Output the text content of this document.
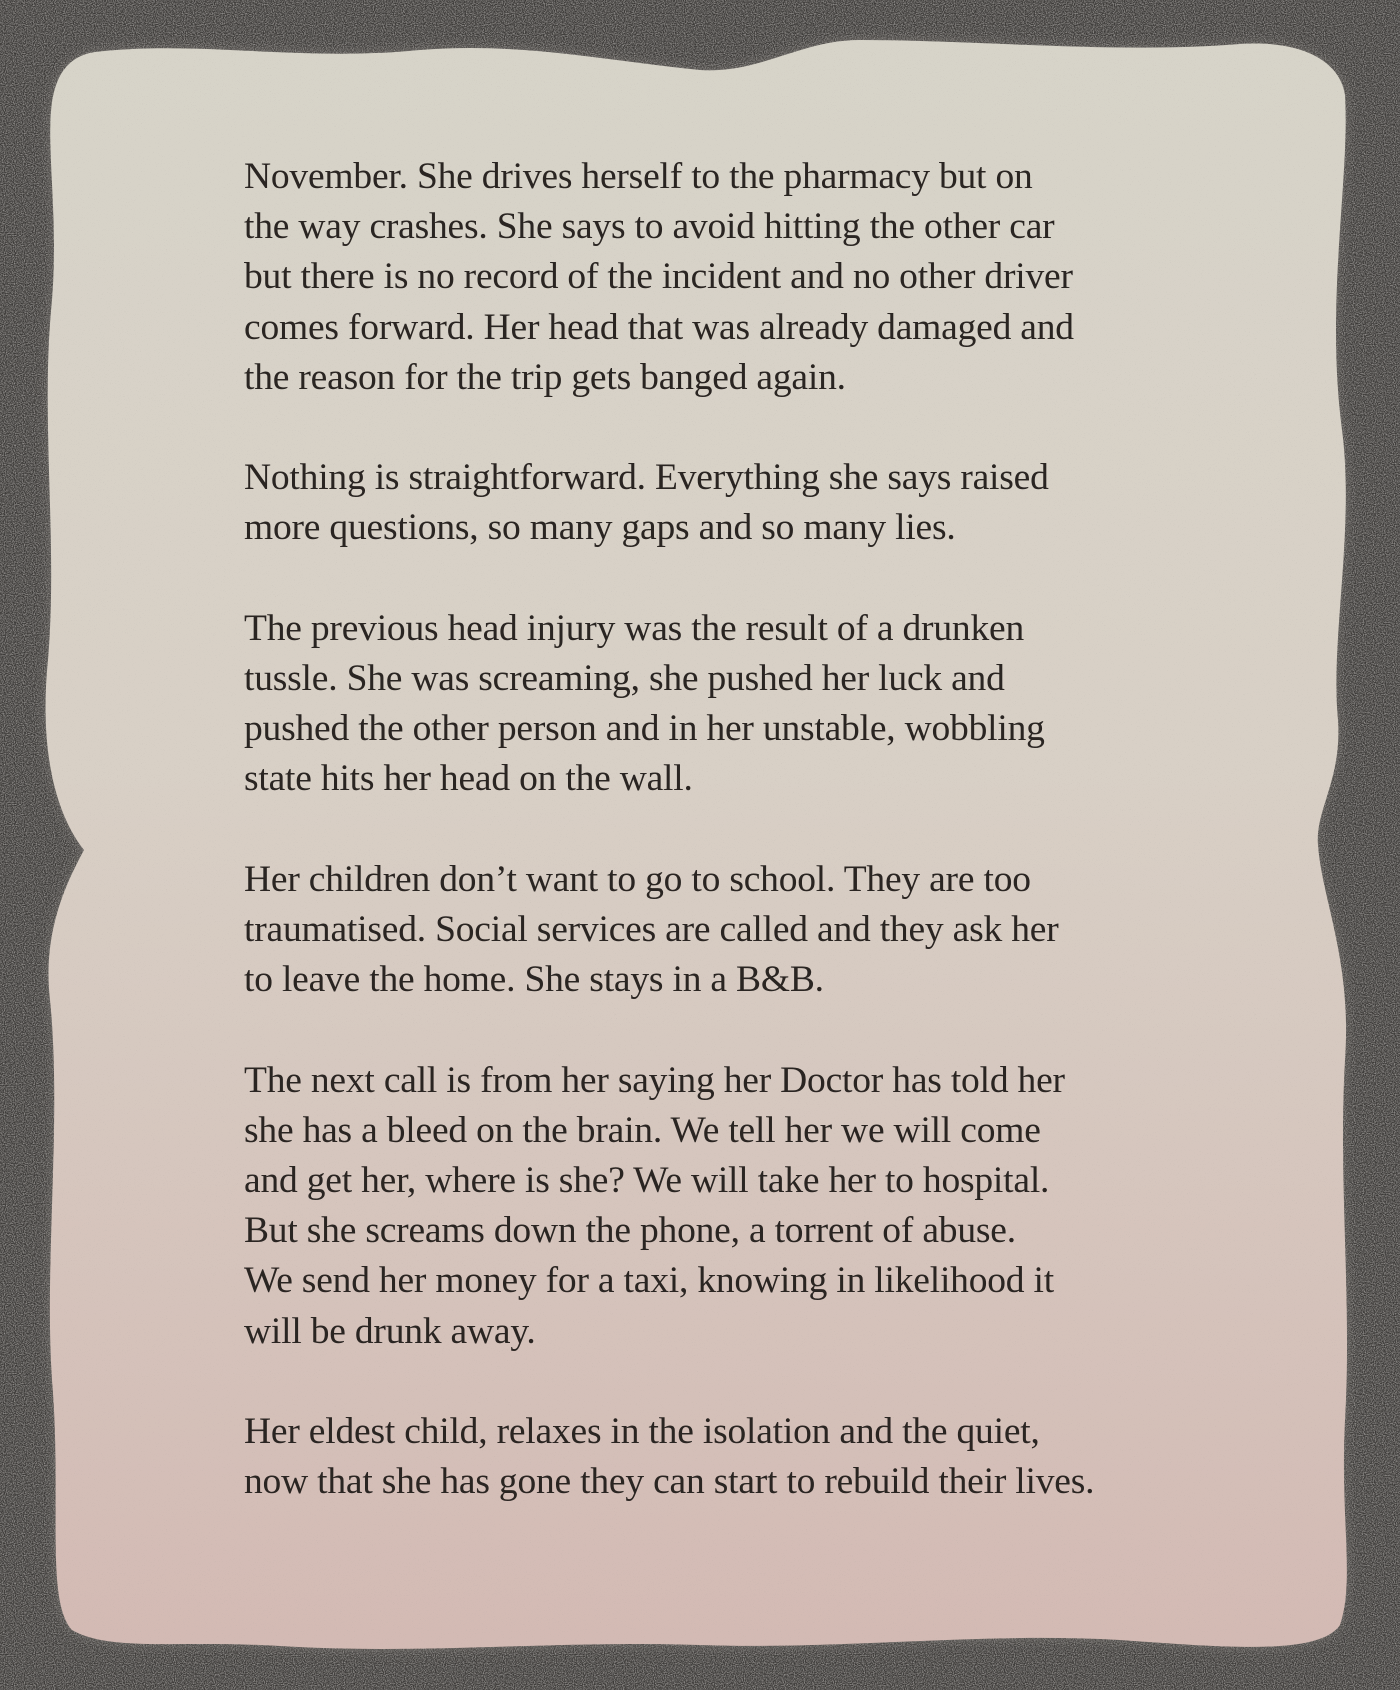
November. She drives herself to the pharmacy but on
the way crashes. She says to avoid hitting the other car
but there is no record of the incident and no other driver
comes forward. Her head that was already damaged and
the reason for the trip gets banged again.

Nothing is straightforward. Everything she says raised
more questions, so many gaps and so many lies.

The previous head injury was the result of a drunken
tussle. She was screaming, she pushed her luck and
pushed the other person and in her unstable, wobbling
state hits her head on the wall.

Her children don’t want to go to school. They are too
traumatised. Social services are called and they ask her
to leave the home. She stays in a B&B.

The next call is from her saying her Doctor has told her
she has a bleed on the brain. We tell her we will come
and get her, where is she? We will take her to hospital.
But she screams down the phone, a torrent of abuse.
We send her money for a taxi, knowing in likelihood it
will be drunk away.

Her eldest child, relaxes in the isolation and the quiet,
now that she has gone they can start to rebuild their lives.
